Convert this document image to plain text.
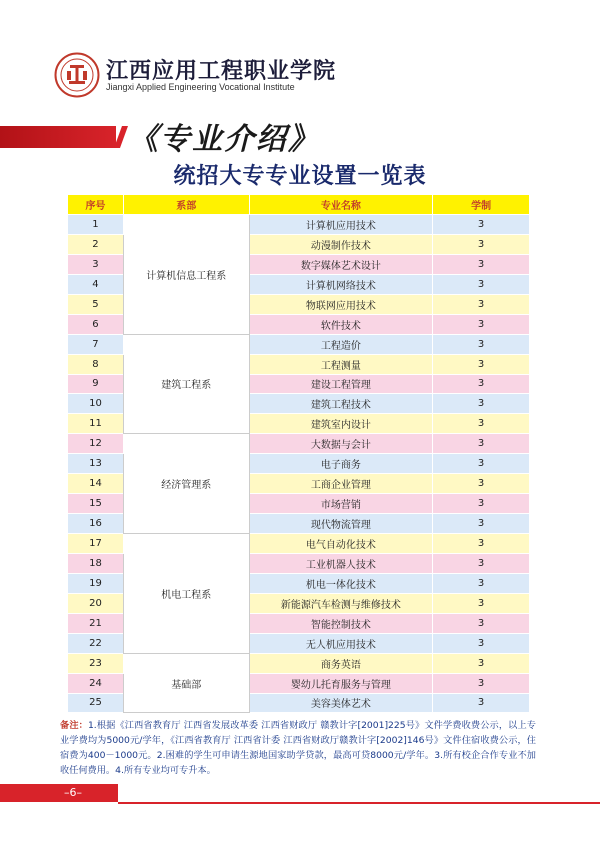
江西应用工程职业学院
Jiangxi Applied Engineering Vocational Institute
《专业介绍》
统招大专专业设置一览表
序号	系部	专业名称	学制
1	计算机信息工程系	计算机应用技术	3
2		动漫制作技术	3
3		数字媒体艺术设计	3
4		计算机网络技术	3
5		物联网应用技术	3
6		软件技术	3
7	建筑工程系	工程造价	3
8		工程测量	3
9		建设工程管理	3
10		建筑工程技术	3
11		建筑室内设计	3
12	经济管理系	大数据与会计	3
13		电子商务	3
14		工商企业管理	3
15		市场营销	3
16		现代物流管理	3
17	机电工程系	电气自动化技术	3
18		工业机器人技术	3
19		机电一体化技术	3
20		新能源汽车检测与维修技术	3
21		智能控制技术	3
22		无人机应用技术	3
23	基础部	商务英语	3
24		婴幼儿托育服务与管理	3
25		美容美体艺术	3
备注：1.根据《江西省教育厅 江西省发展改革委 江西省财政厅 赣教计字[2001]225号》文件学费收费公示，以上专业学费均为5000元/学年，《江西省教育厅 江西省计委 江西省财政厅赣教计字[2002]146号》文件住宿收费公示，住宿费为400－1000元。2.困难的学生可申请生源地国家助学贷款，最高可贷8000元/学年。3.所有校企合作专业不加收任何费用。4.所有专业均可专升本。
–6–
